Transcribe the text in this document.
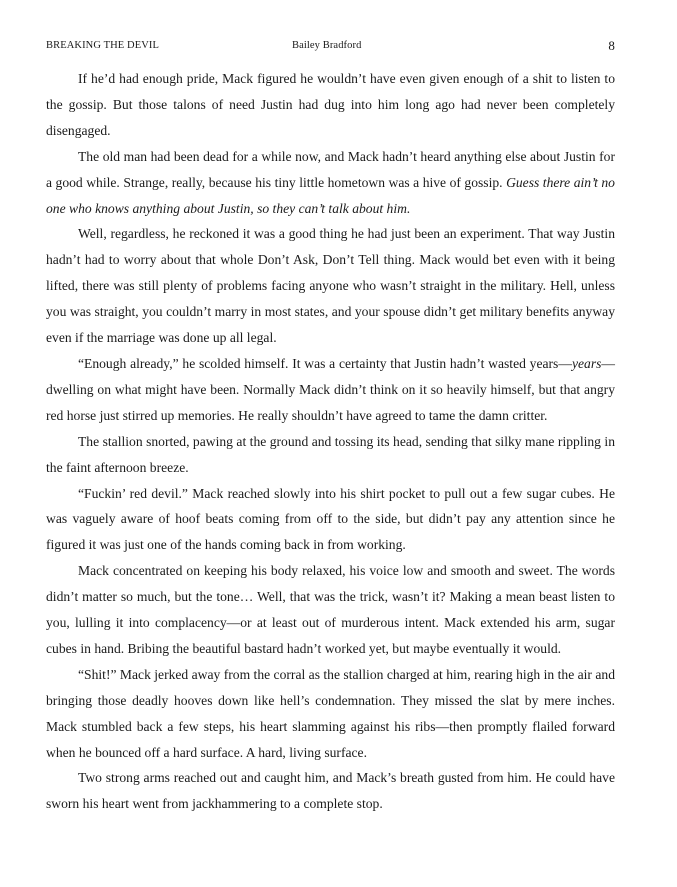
BREAKING THE DEVIL	Bailey Bradford	8

If he’d had enough pride, Mack figured he wouldn’t have even given enough of a shit to listen to the gossip. But those talons of need Justin had dug into him long ago had never been completely disengaged.

The old man had been dead for a while now, and Mack hadn’t heard anything else about Justin for a good while. Strange, really, because his tiny little hometown was a hive of gossip. Guess there ain’t no one who knows anything about Justin, so they can’t talk about him.

Well, regardless, he reckoned it was a good thing he had just been an experiment. That way Justin hadn’t had to worry about that whole Don’t Ask, Don’t Tell thing. Mack would bet even with it being lifted, there was still plenty of problems facing anyone who wasn’t straight in the military. Hell, unless you was straight, you couldn’t marry in most states, and your spouse didn’t get military benefits anyway even if the marriage was done up all legal.

“Enough already,” he scolded himself. It was a certainty that Justin hadn’t wasted years—years—dwelling on what might have been. Normally Mack didn’t think on it so heavily himself, but that angry red horse just stirred up memories. He really shouldn’t have agreed to tame the damn critter.

The stallion snorted, pawing at the ground and tossing its head, sending that silky mane rippling in the faint afternoon breeze.

“Fuckin’ red devil.” Mack reached slowly into his shirt pocket to pull out a few sugar cubes. He was vaguely aware of hoof beats coming from off to the side, but didn’t pay any attention since he figured it was just one of the hands coming back in from working.

Mack concentrated on keeping his body relaxed, his voice low and smooth and sweet. The words didn’t matter so much, but the tone… Well, that was the trick, wasn’t it? Making a mean beast listen to you, lulling it into complacency—or at least out of murderous intent. Mack extended his arm, sugar cubes in hand. Bribing the beautiful bastard hadn’t worked yet, but maybe eventually it would.

“Shit!” Mack jerked away from the corral as the stallion charged at him, rearing high in the air and bringing those deadly hooves down like hell’s condemnation. They missed the slat by mere inches. Mack stumbled back a few steps, his heart slamming against his ribs—then promptly flailed forward when he bounced off a hard surface. A hard, living surface.

Two strong arms reached out and caught him, and Mack’s breath gusted from him. He could have sworn his heart went from jackhammering to a complete stop.
